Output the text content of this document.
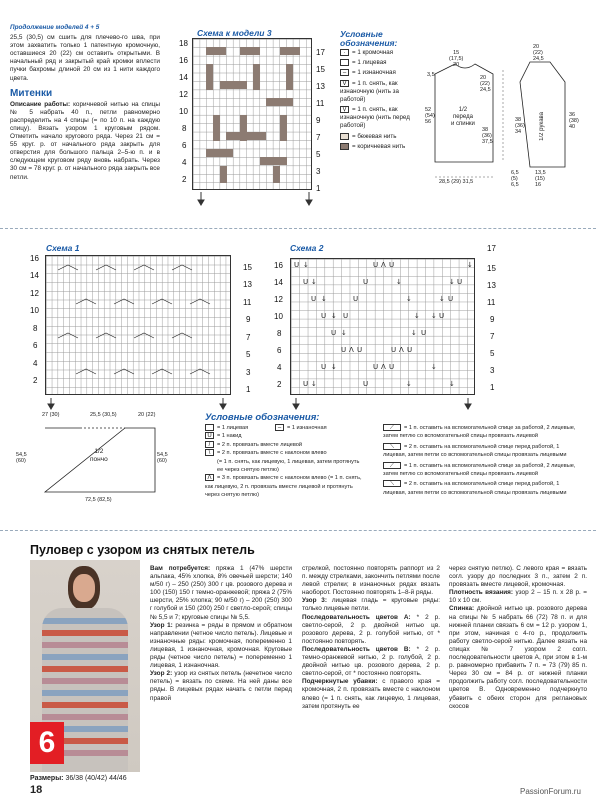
Продолжение моделей 4 + 5
25,5 (30,5) см сшить для плечево-го шва, при этом захватить только 1 патентную кромочную, оставшиеся 20 (22) см оставить открытыми. В начальный ряд и закрытый край кромки вплести пучки бахромы длиной 20 см из 1 нити каждого цвета.
Митенки
Описание работы: коричневой нитью на спицы № 5 набрать 40 п., петли равномерно распределить на 4 спицы (= по 10 п. на каждую спицу). Вязать узором 1 круговым рядом. Отметить начало кругового ряда. Через 21 см = 55 круг. р. от начального ряда закрыть для отверстия для большого пальца 2–5-ю п. и в следующем круговом ряду вновь набрать. Через 30 см = 78 круг. р. от начального ряда закрыть все петли.
Схема к модели 3
18
16
14
12
10
8
6
4
2
17
15
13
11
9
7
5
3
1
Условные обозначения:
· = 1 кромочная
= 1 лицевая
– = 1 изнаночная
V = 1 п. снять, как изнаночную (нить за работой)
Ṿ = 1 п. снять, как изнаночную (нить перед работой)
= бежевая нить
= коричневая нить
15
(17,5)
20
20
(22)
24,5
3,5
52
(54)
56
1/2
переда
и спинки
38
(36)
37,5
28,5 (29) 31,5
6,5
(5)
6,5
13,5
(15)
16
20
(22)
24,5
1/2 рукава	36
(38)
40
38
(36)
34
Схема 1
16
14
12
10
8
6
4
2
15
13
11
9
7
5
3
1
Схема 2
U ↓	U Λ U	↓
U ↓	U	↓	↓ U
U ↓	U	↓	↓ U
U ↓ U	↓ ↓ U
U ↓	↓ U
U Λ U	U Λ U
U ↓	U Λ U	↓
U ↓	U	↓	↓
16
14
12
10
8
6
4
2
17
15
13
11
9
7
5
3
1
27 (30)	25,5 (30,5)	20 (22)
1/2
пончо
54,5 (60)
54,5 (60)
72,5 (82,5)
Условные обозначения:
= 1 лицевая
U = 1 накид
/ = 2 п. провязать вместе лицевой
\ = 2 п. провязать вместе с наклоном влево
(= 1 п. снять, как лицевую, 1 лицевая, затем протянуть ее через снятую петлю)
Λ = 3 п. провязать вместе с наклоном влево (= 1 п. снять, как лицевую, 2 п. провязать вместе лицевой и протянуть через снятую петлю)
– = 1 изнаночная	⟋ = 1 п. оставить на вспомогательной спице за работой, 2 лицевые, затем петлю со вспомогательной спицы провязать лицевой
⟍ = 2 п. оставить на вспомогательной спице перед работой, 1 лицевая, затем петли со вспомогательной спицы провязать лицевыми
⟋ = 1 п. оставить на вспомогательной спице за работой, 2 лицевые, затем петлю со вспомогательной спицы провязать лицевой
⟍ = 2 п. оставить на вспомогательной спице перед работой, 1 лицевая, затем петли со вспомогательной спицы провязать лицевыми
Пуловер с узором из снятых петель
6
Размеры: 36/38 (40/42) 44/46

Вам потребуется: пряжа 1 (47% шерсти альпака, 45% хлопка, 8% овечьей шерсти; 140 м/50 г) – 250 (250) 300 г цв. розового дерева и 100 (150) 150 г темно-оранжевой; пряжа 2 (75% шерсти, 25% хлопка; 90 м/50 г) – 200 (250) 300 г голубой и 150 (200) 250 г светло-серой; спицы № 5,5 и 7; круговые спицы № 5,5.

Узор 1: резинка = ряды в прямом и обратном направлении (четное число петель). Лицевые и изнаночные ряды: кромочная, попеременно 1 лицевая, 1 изнаночная, кромочная. Круговые ряды (четное число петель) = попеременно 1 лицевая, 1 изнаночная.

Узор 2: узор из снятых петель (нечетное число петель) = вязать по схеме. На ней даны все ряды. В лицевых рядах начать с петли перед правой

стрелкой, постоянно повторять раппорт из 2 п. между стрелками, закончить петлями после левой стрелки; в изнаночных рядах вязать наоборот. Постоянно повторять 1–8-й ряды.

Узор 3: лицевая гладь = круговые ряды: только лицевые петли.

Последовательность цветов А: * 2 р. светло-серой, 2 р. двойной нитью цв. розового дерева, 2 р. голубой нитью, от * постоянно повторять.

Последовательность цветов В: * 2 р. темно-оранжевой нитью, 2 р. голубой, 2 р. двойной нитью цв. розового дерева, 2 р. светло-серой, от * постоянно повторять.

Подчеркнутые убавки: с правого края = кромочная, 2 п. провязать вместе с наклоном влево (= 1 п. снять, как лицевую, 1 лицевая, затем протянуть ее

через снятую петлю). С левого края = вязать согл. узору до последних 3 п., затем 2 п. провязать вместе лицевой, кромочная.

Плотность вязания: узор 2 – 15 п. x 28 р. = 10 x 10 см.

Спинка: двойной нитью цв. розового дерева на спицы № 5 набрать 66 (72) 78 п. и для нижней планки связать 6 см = 12 р. узором 1, при этом, начиная с 4-го р., продолжить работу светло-серой нитью. Далее вязать на спицах № 7 узором 2 согл. последовательности цветов А, при этом в 1-м р. равномерно прибавить 7 п. = 73 (79) 85 п. Через 30 см = 84 р. от нижней планки продолжить работу согл. последовательности цветов В. Одновременно подчеркнуто убавить с обеих сторон для реглановых скосов

18	PassionForum.ru
